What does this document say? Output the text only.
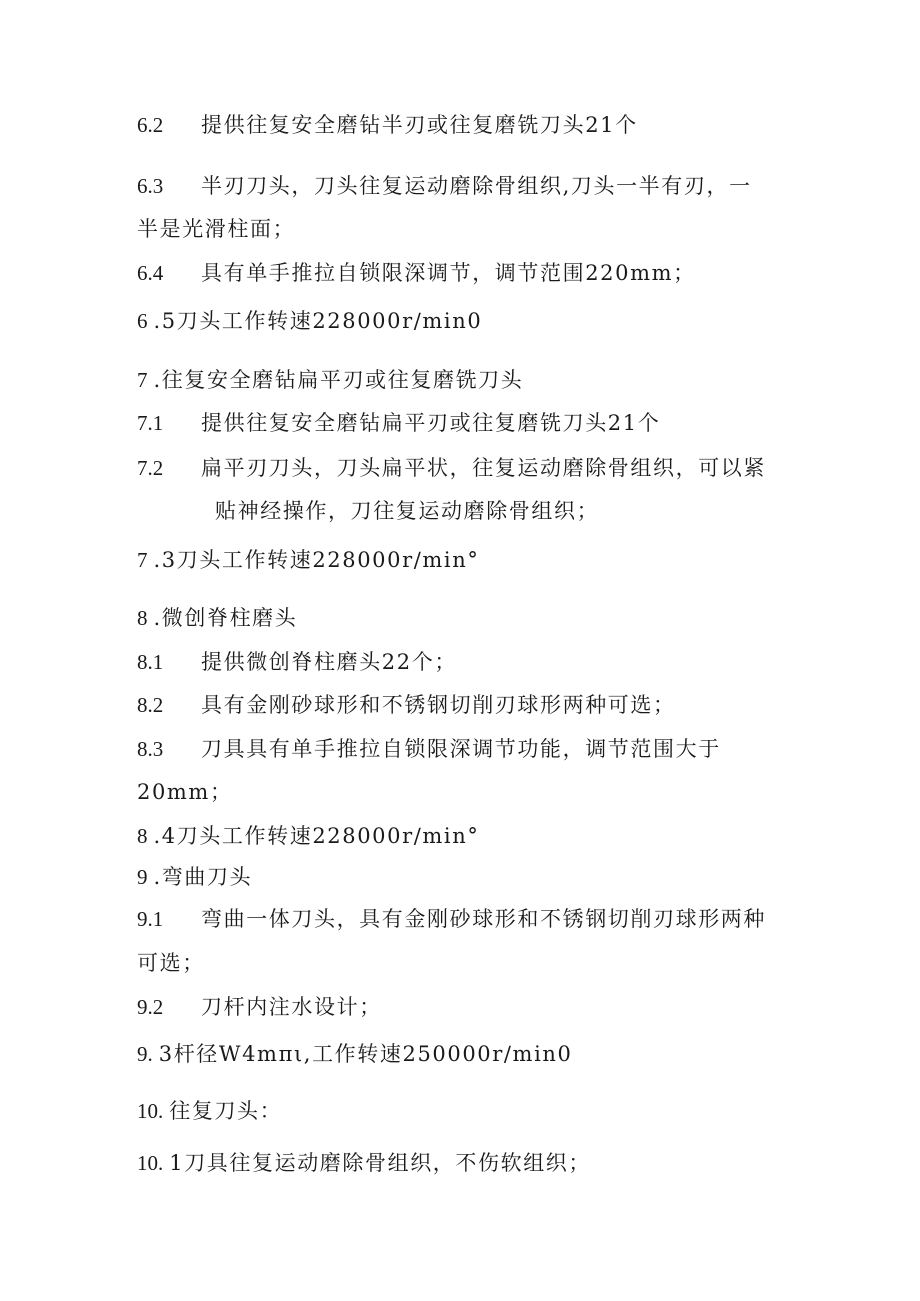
6.2 提供往复安全磨钻半刃或往复磨铣刀头21个
6.3 半刃刀头，刀头往复运动磨除骨组织,刀头一半有刃，一
半是光滑柱面；
6.4 具有单手推拉自锁限深调节，调节范围220mm；
6 .5刀头工作转速228000r∕min0
7 .往复安全磨钻扁平刃或往复磨铣刀头
7.1 提供往复安全磨钻扁平刃或往复磨铣刀头21个
7.2 扁平刃刀头，刀头扁平状，往复运动磨除骨组织，可以紧
贴神经操作，刀往复运动磨除骨组织；
7 .3刀头工作转速228000r∕min°
8 .微创脊柱磨头
8.1 提供微创脊柱磨头22个；
8.2 具有金刚砂球形和不锈钢切削刃球形两种可选；
8.3 刀具具有单手推拉自锁限深调节功能，调节范围大于
20mm；
8 .4刀头工作转速228000r∕min°
9 .弯曲刀头
9.1 弯曲一体刀头，具有金刚砂球形和不锈钢切削刃球形两种
可选；
9.2 刀杆内注水设计；
9. 3杆径W4mπι,工作转速250000r∕min0
10. 往复刀头：
10. 1刀具往复运动磨除骨组织，不伤软组织；
